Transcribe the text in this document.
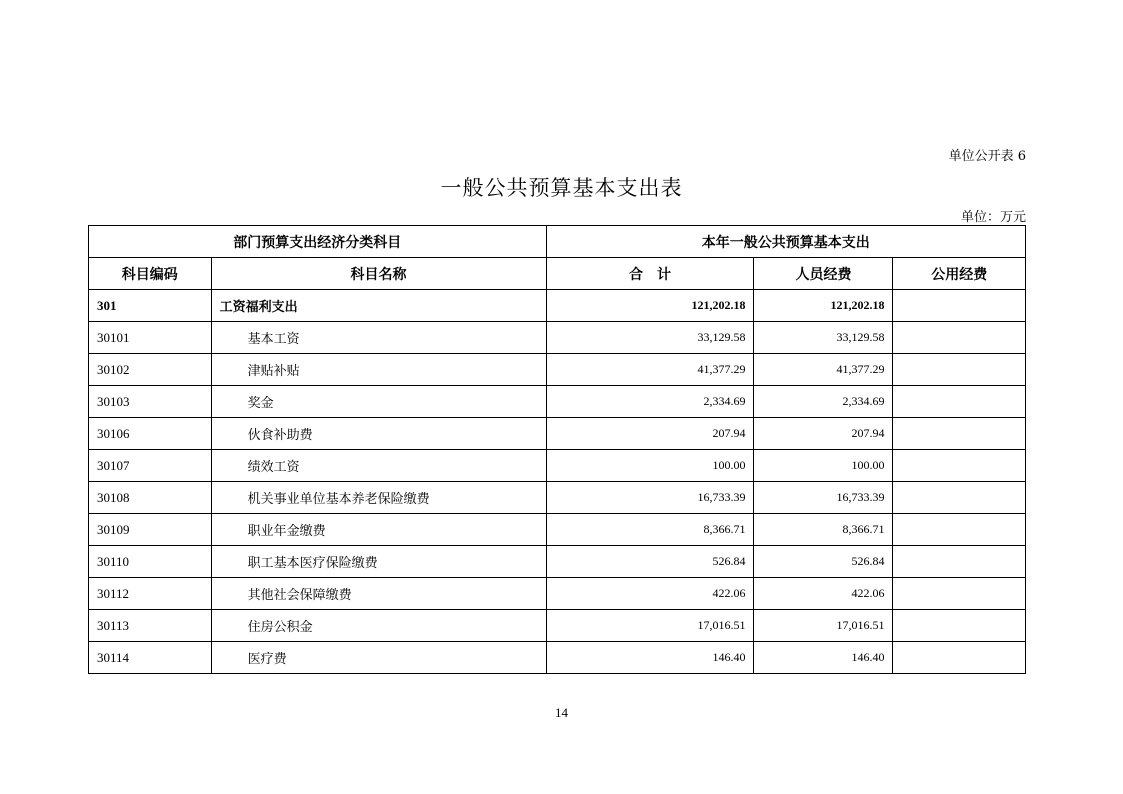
单位公开表 6
一般公共预算基本支出表
单位：万元
部门预算支出经济分类科目		本年一般公共预算基本支出		
科目编码	科目名称	合　计	人员经费	公用经费
301	工资福利支出	121,202.18	121,202.18	
30101	基本工资	33,129.58	33,129.58	
30102	津贴补贴	41,377.29	41,377.29	
30103	奖金	2,334.69	2,334.69	
30106	伙食补助费	207.94	207.94	
30107	绩效工资	100.00	100.00	
30108	机关事业单位基本养老保险缴费	16,733.39	16,733.39	
30109	职业年金缴费	8,366.71	8,366.71	
30110	职工基本医疗保险缴费	526.84	526.84	
30112	其他社会保障缴费	422.06	422.06	
30113	住房公积金	17,016.51	17,016.51	
30114	医疗费	146.40	146.40	
14
